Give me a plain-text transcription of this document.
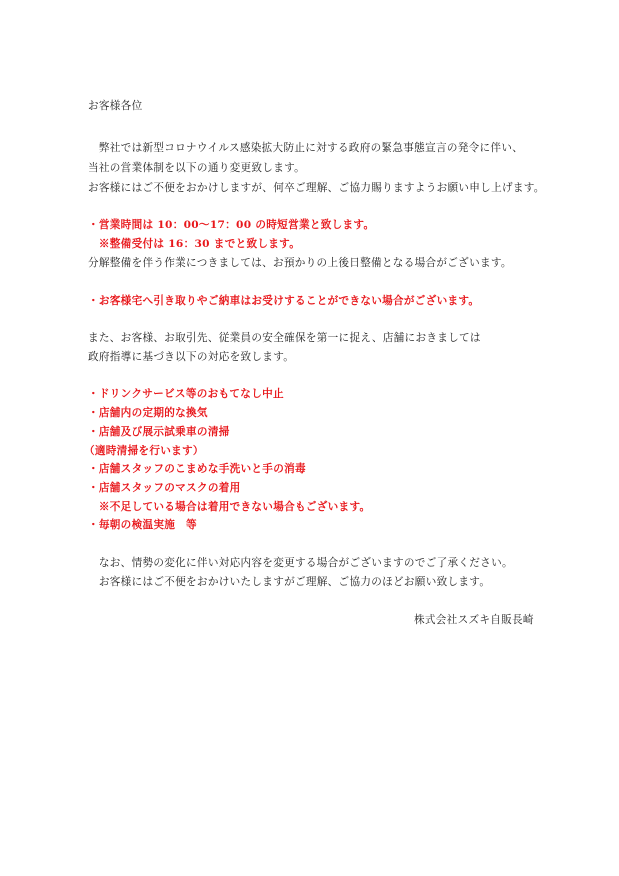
お客様各位
　弊社では新型コロナウイルス感染拡大防止に対する政府の緊急事態宣言の発令に伴い、
当社の営業体制を以下の通り変更致します。
お客様にはご不便をおかけしますが、何卒ご理解、ご協力賜りますようお願い申し上げます。
・営業時間は 10：00～17：00 の時短営業と致します。
　※整備受付は 16：30 までと致します。
分解整備を伴う作業につきましては、お預かりの上後日整備となる場合がございます。
・お客様宅へ引き取りやご納車はお受けすることができない場合がございます。
また、お客様、お取引先、従業員の安全確保を第一に捉え、店舗におきましては
政府指導に基づき以下の対応を致します。
・ドリンクサービス等のおもてなし中止
・店舗内の定期的な換気
・店舗及び展示試乗車の清掃
（適時清掃を行います）
・店舗スタッフのこまめな手洗いと手の消毒
・店舗スタッフのマスクの着用
　※不足している場合は着用できない場合もございます。
・毎朝の検温実施　等
　なお、情勢の変化に伴い対応内容を変更する場合がございますのでご了承ください。
　お客様にはご不便をおかけいたしますがご理解、ご協力のほどお願い致します。
株式会社スズキ自販長崎
